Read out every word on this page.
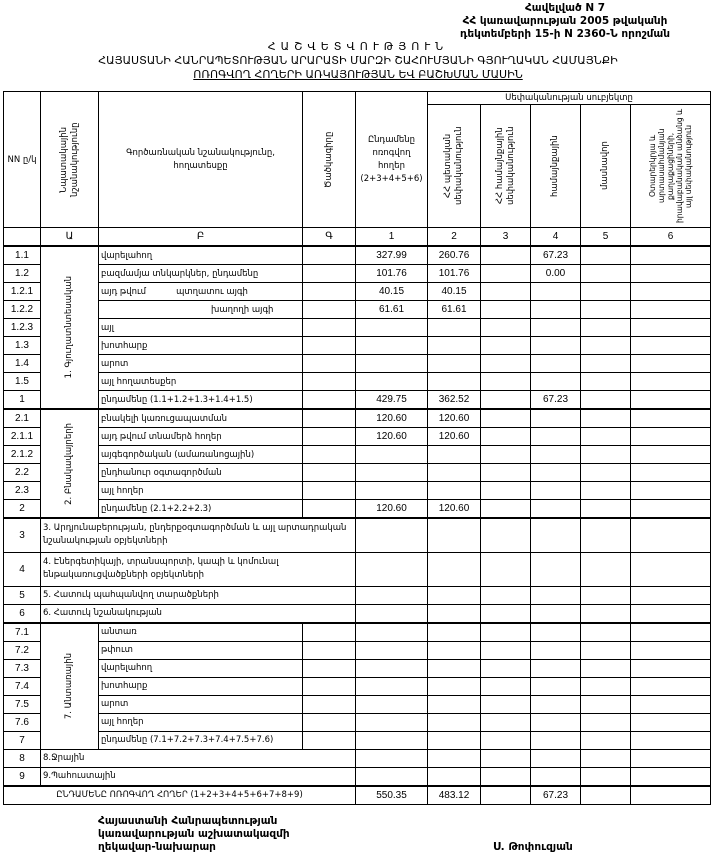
Հավելված N 7
ՀՀ կառավարության 2005 թվականի
դեկտեմբերի 15-ի N 2360-Ն որոշման
ՀԱՇՎԵՏՎՈՒԹՅՈՒՆ
ՀԱՅԱՍՏԱՆԻ ՀԱՆՐԱՊԵՏՈՒԹՅԱՆ ԱՐԱՐԱՏԻ ՄԱՐԶԻ ՇԱՀՈՒՄՅԱՆԻ ԳՅՈՒՂԱԿԱՆ ՀԱՄԱՅՆՔԻ
ՈՌՈԳՎՈՂ ՀՈՂԵՐԻ ԱՌԿԱՅՈՒԹՅԱՆ ԵՎ ԲԱՇԽՄԱՆ ՄԱՍԻՆ
NN ը/կ	Նպատակային նշանակությունը	Գործառնական նշանակությունը, հողատեսքը	Ծածկագիրը	Ընդամենը ոռոգվող հողեր (2+3+4+5+6)	Սեփականության սուբյեկտը				

					ՀՀ պետական սեփականություն	ՀՀ համայնքային սեփականություն	համայնքային	մասնավոր	Օտարերկրյա և արտասահմանյան քաղաքացիների, իրավաբանական անձանց և այլ սեփականություն

	Ա	Բ	Գ	1	2	3	4	5	6
1.1	1. Գյուղատնտեսական	վարելահող		327.99	260.76		67.23		
1.2		բազմամյա տնկարկներ, ընդամենը		101.76	101.76		0.00		
1.2.1		այդ թվում պտղատու այգի		40.15	40.15				
1.2.2		խաղողի այգի		61.61	61.61				
1.2.3		այլ							
1.3		խոտհարք							
1.4		արոտ							
1.5		այլ հողատեսքեր							
1		ընդամենը (1.1+1.2+1.3+1.4+1.5)		429.75	362.52		67.23		
2.1	2. Բնակավայրերի	բնակելի կառուցապատման		120.60	120.60				
2.1.1		այդ թվում տնամերձ հողեր		120.60	120.60				
2.1.2		այգեգործական (ամառանոցային)							
2.2		ընդհանուր օգտագործման							
2.3		այլ հողեր							
2		ընդամենը (2.1+2.2+2.3)		120.60	120.60				
3	3. Արդյունաբերության, ընդերքօգտագործման և այլ արտադրական նշանակության օբյեկտների								
4	4. Էներգետիկայի, տրանսպորտի, կապի և կոմունալ ենթակառուցվածքների օբյեկտների								
5	5. Հատուկ պահպանվող տարածքների								
6	6. Հատուկ նշանակության								
7.1	7. Անտառային	անտառ							
7.2		թփուտ							
7.3		վարելահող							
7.4		խոտհարք							
7.5		արոտ							
7.6		այլ հողեր							
7		ընդամենը (7.1+7.2+7.3+7.4+7.5+7.6)							
8	8.Ջրային								
9	9.Պահուստային								
ԸՆԴԱՄԵՆԸ ՈՌՈԳՎՈՂ ՀՈՂԵՐ (1+2+3+4+5+6+7+8+9)				550.35	483.12		67.23		
Հայաստանի Հանրապետության
կառավարության աշխատակազմի
ղեկավար-նախարար	Ս. Թոփուզյան
